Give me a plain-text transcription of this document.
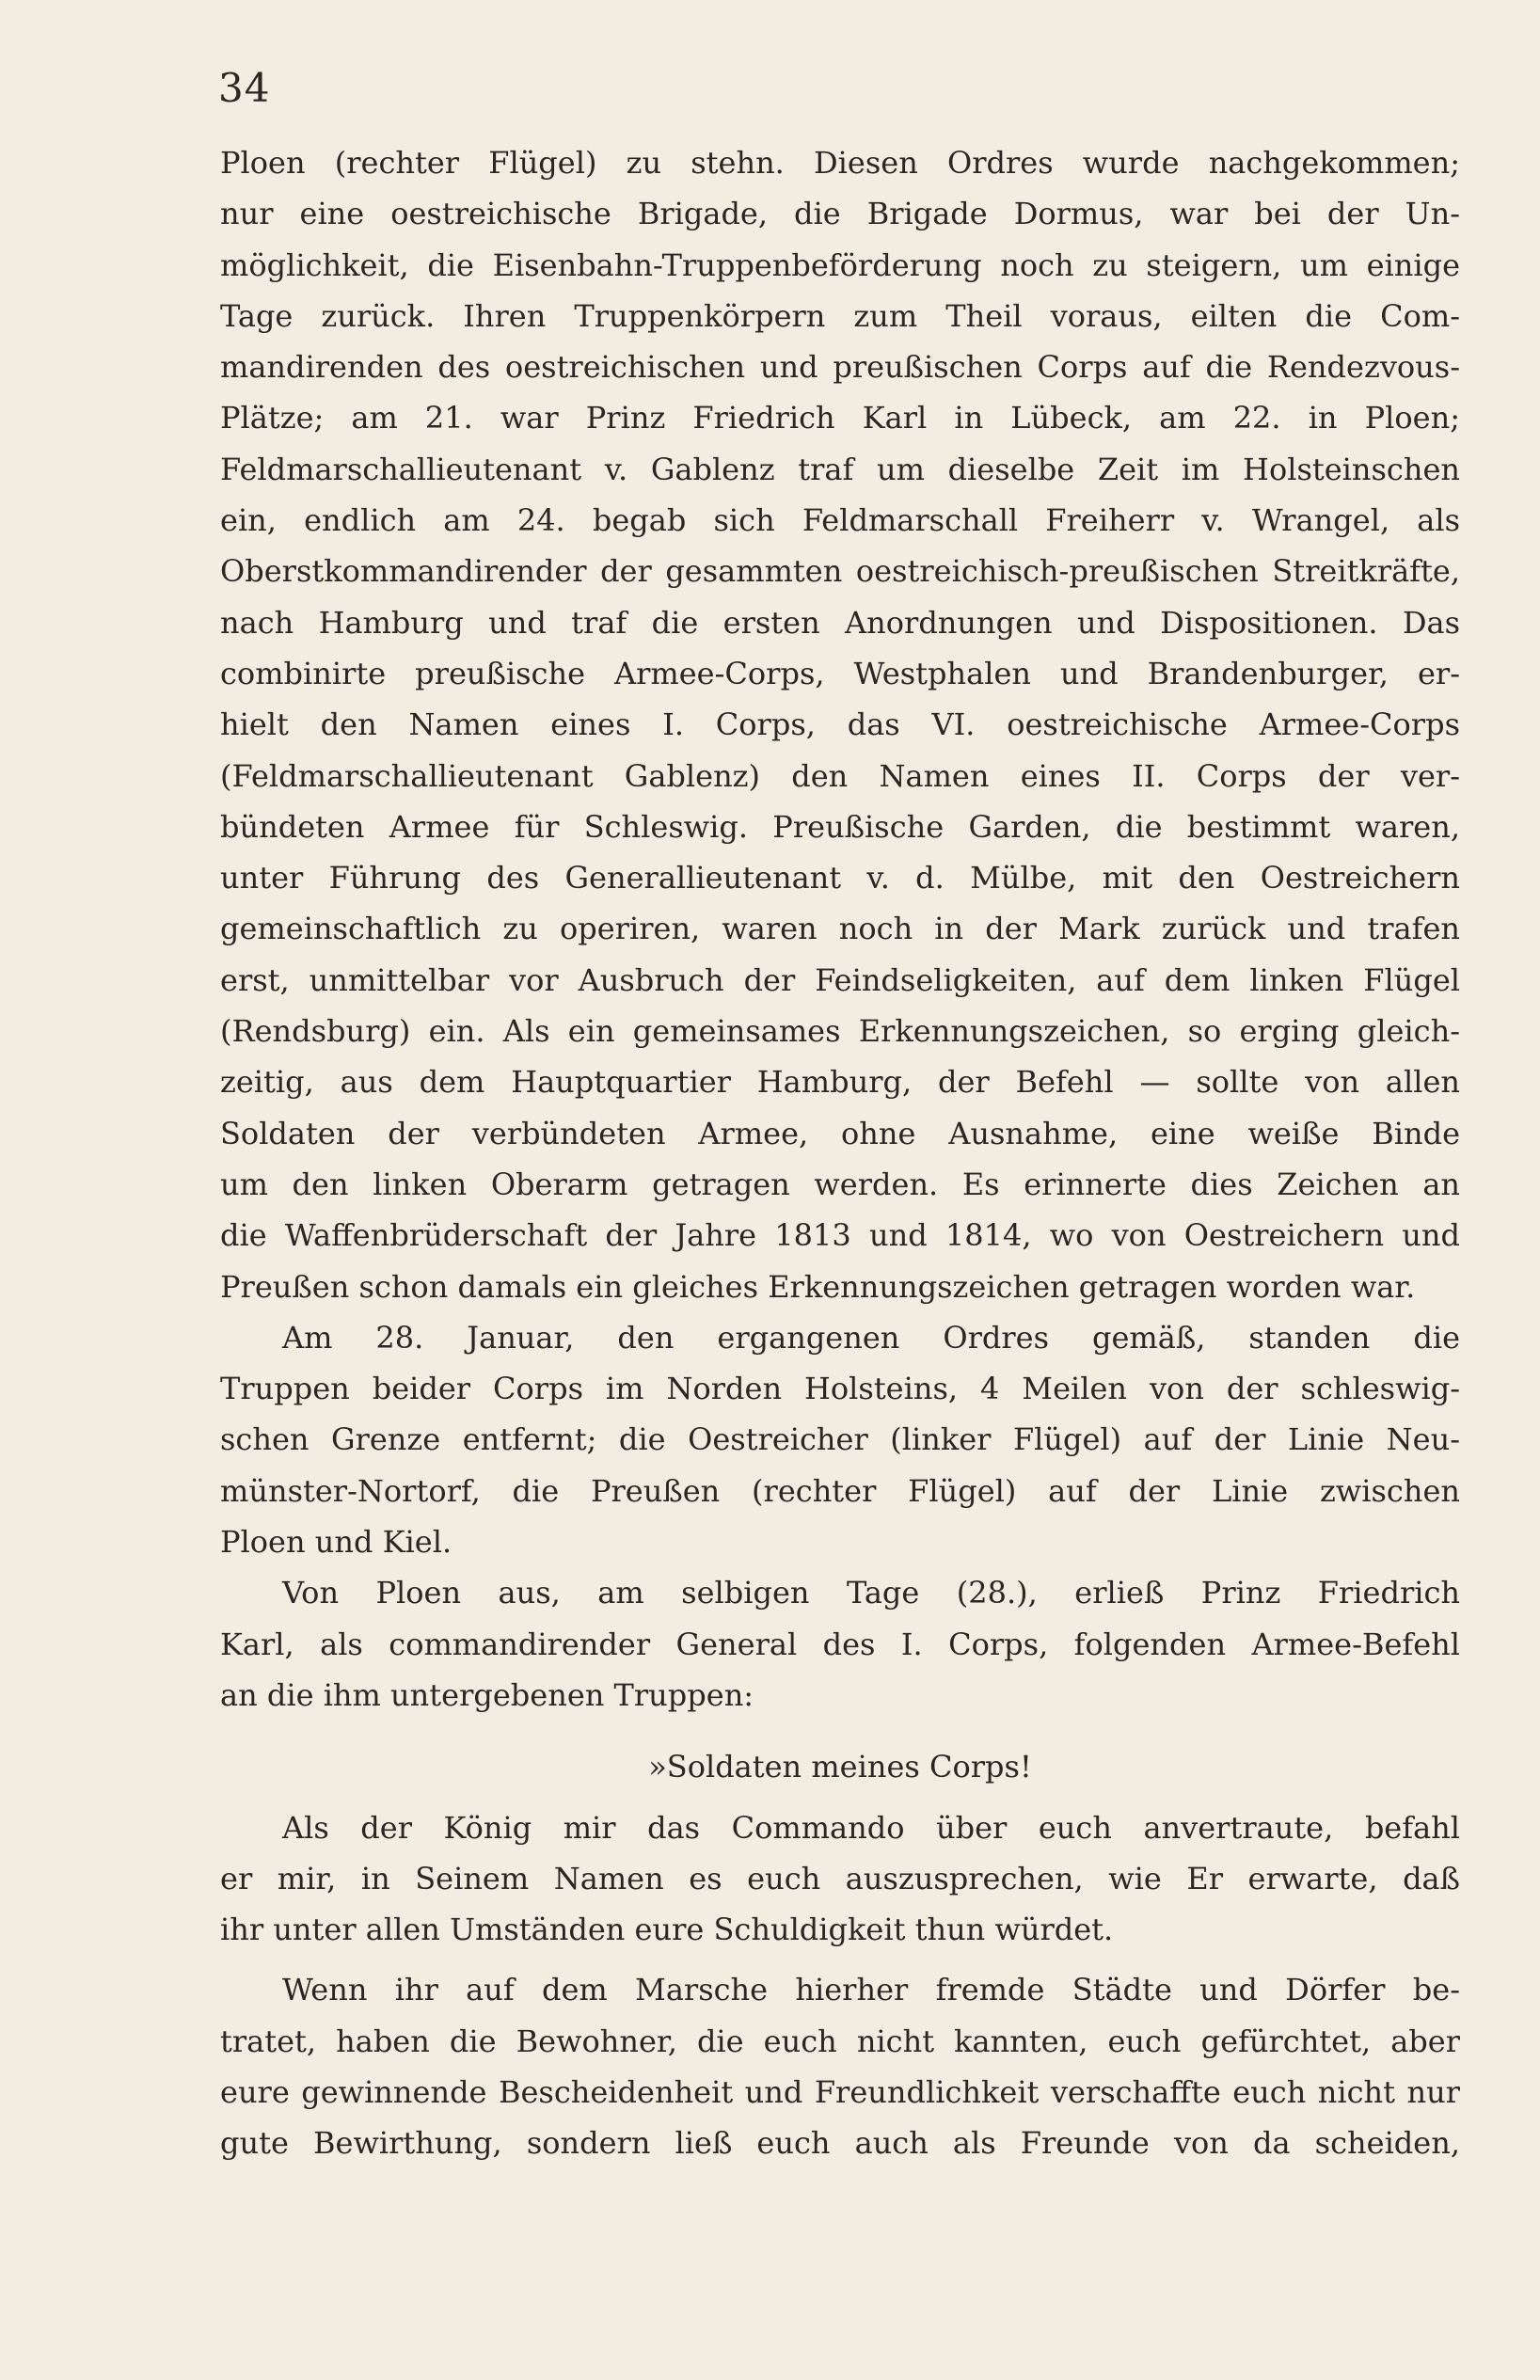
34
Ploen (rechter Flügel) zu stehn. Diesen Ordres wurde nachgekommen;
nur eine oestreichische Brigade, die Brigade Dormus, war bei der Un-
möglichkeit, die Eisenbahn-Truppenbeförderung noch zu steigern, um einige
Tage zurück. Ihren Truppenkörpern zum Theil voraus, eilten die Com-
mandirenden des oestreichischen und preußischen Corps auf die Rendezvous-
Plätze; am 21. war Prinz Friedrich Karl in Lübeck, am 22. in Ploen;
Feldmarschallieutenant v. Gablenz traf um dieselbe Zeit im Holsteinschen
ein, endlich am 24. begab sich Feldmarschall Freiherr v. Wrangel, als
Oberstkommandirender der gesammten oestreichisch-preußischen Streitkräfte,
nach Hamburg und traf die ersten Anordnungen und Dispositionen. Das
combinirte preußische Armee-Corps, Westphalen und Brandenburger, er-
hielt den Namen eines I. Corps, das VI. oestreichische Armee-Corps
(Feldmarschallieutenant Gablenz) den Namen eines II. Corps der ver-
bündeten Armee für Schleswig. Preußische Garden, die bestimmt waren,
unter Führung des Generallieutenant v. d. Mülbe, mit den Oestreichern
gemeinschaftlich zu operiren, waren noch in der Mark zurück und trafen
erst, unmittelbar vor Ausbruch der Feindseligkeiten, auf dem linken Flügel
(Rendsburg) ein. Als ein gemeinsames Erkennungszeichen, so erging gleich-
zeitig, aus dem Hauptquartier Hamburg, der Befehl — sollte von allen
Soldaten der verbündeten Armee, ohne Ausnahme, eine weiße Binde
um den linken Oberarm getragen werden. Es erinnerte dies Zeichen an
die Waffenbrüderschaft der Jahre 1813 und 1814, wo von Oestreichern und
Preußen schon damals ein gleiches Erkennungszeichen getragen worden war.
Am 28. Januar, den ergangenen Ordres gemäß, standen die
Truppen beider Corps im Norden Holsteins, 4 Meilen von der schleswig-
schen Grenze entfernt; die Oestreicher (linker Flügel) auf der Linie Neu-
münster-Nortorf, die Preußen (rechter Flügel) auf der Linie zwischen
Ploen und Kiel.
Von Ploen aus, am selbigen Tage (28.), erließ Prinz Friedrich
Karl, als commandirender General des I. Corps, folgenden Armee-Befehl
an die ihm untergebenen Truppen:
»Soldaten meines Corps!
Als der König mir das Commando über euch anvertraute, befahl
er mir, in Seinem Namen es euch auszusprechen, wie Er erwarte, daß
ihr unter allen Umständen eure Schuldigkeit thun würdet.
Wenn ihr auf dem Marsche hierher fremde Städte und Dörfer be-
tratet, haben die Bewohner, die euch nicht kannten, euch gefürchtet, aber
eure gewinnende Bescheidenheit und Freundlichkeit verschaffte euch nicht nur
gute Bewirthung, sondern ließ euch auch als Freunde von da scheiden,
